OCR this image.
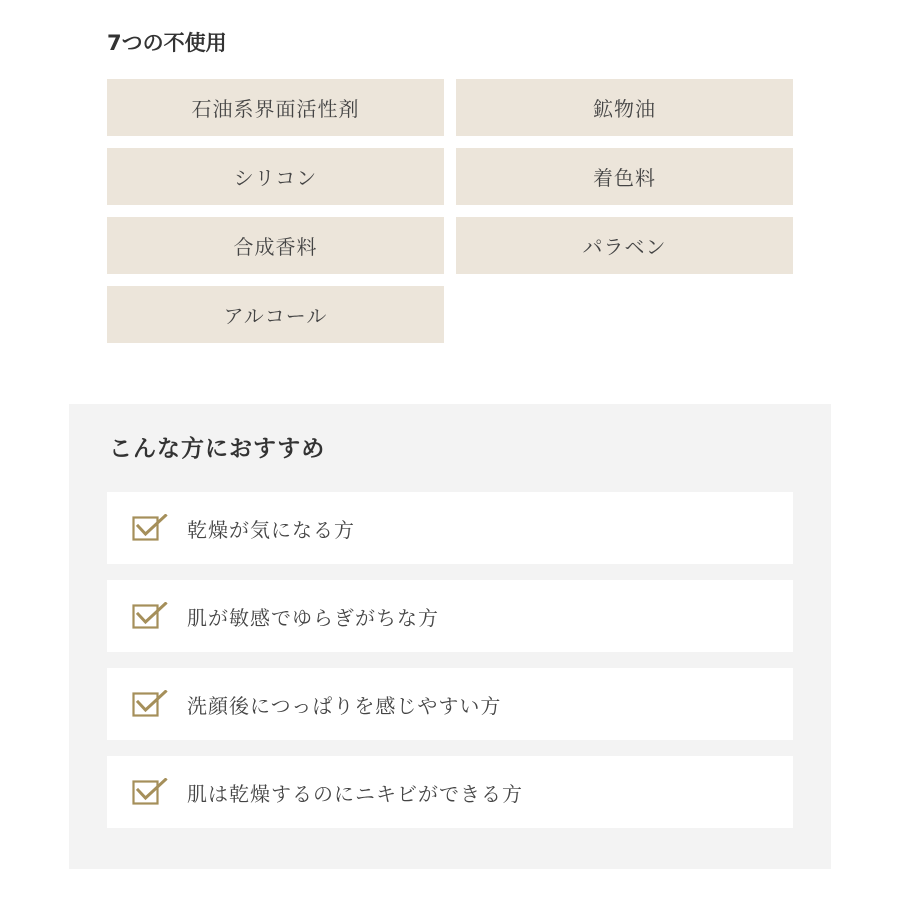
7つの不使用
石油系界面活性剤	鉱物油
シリコン	着色料
合成香料	パラベン
アルコール
こんな方におすすめ
乾燥が気になる方
肌が敏感でゆらぎがちな方
洗顔後につっぱりを感じやすい方
肌は乾燥するのにニキビができる方
